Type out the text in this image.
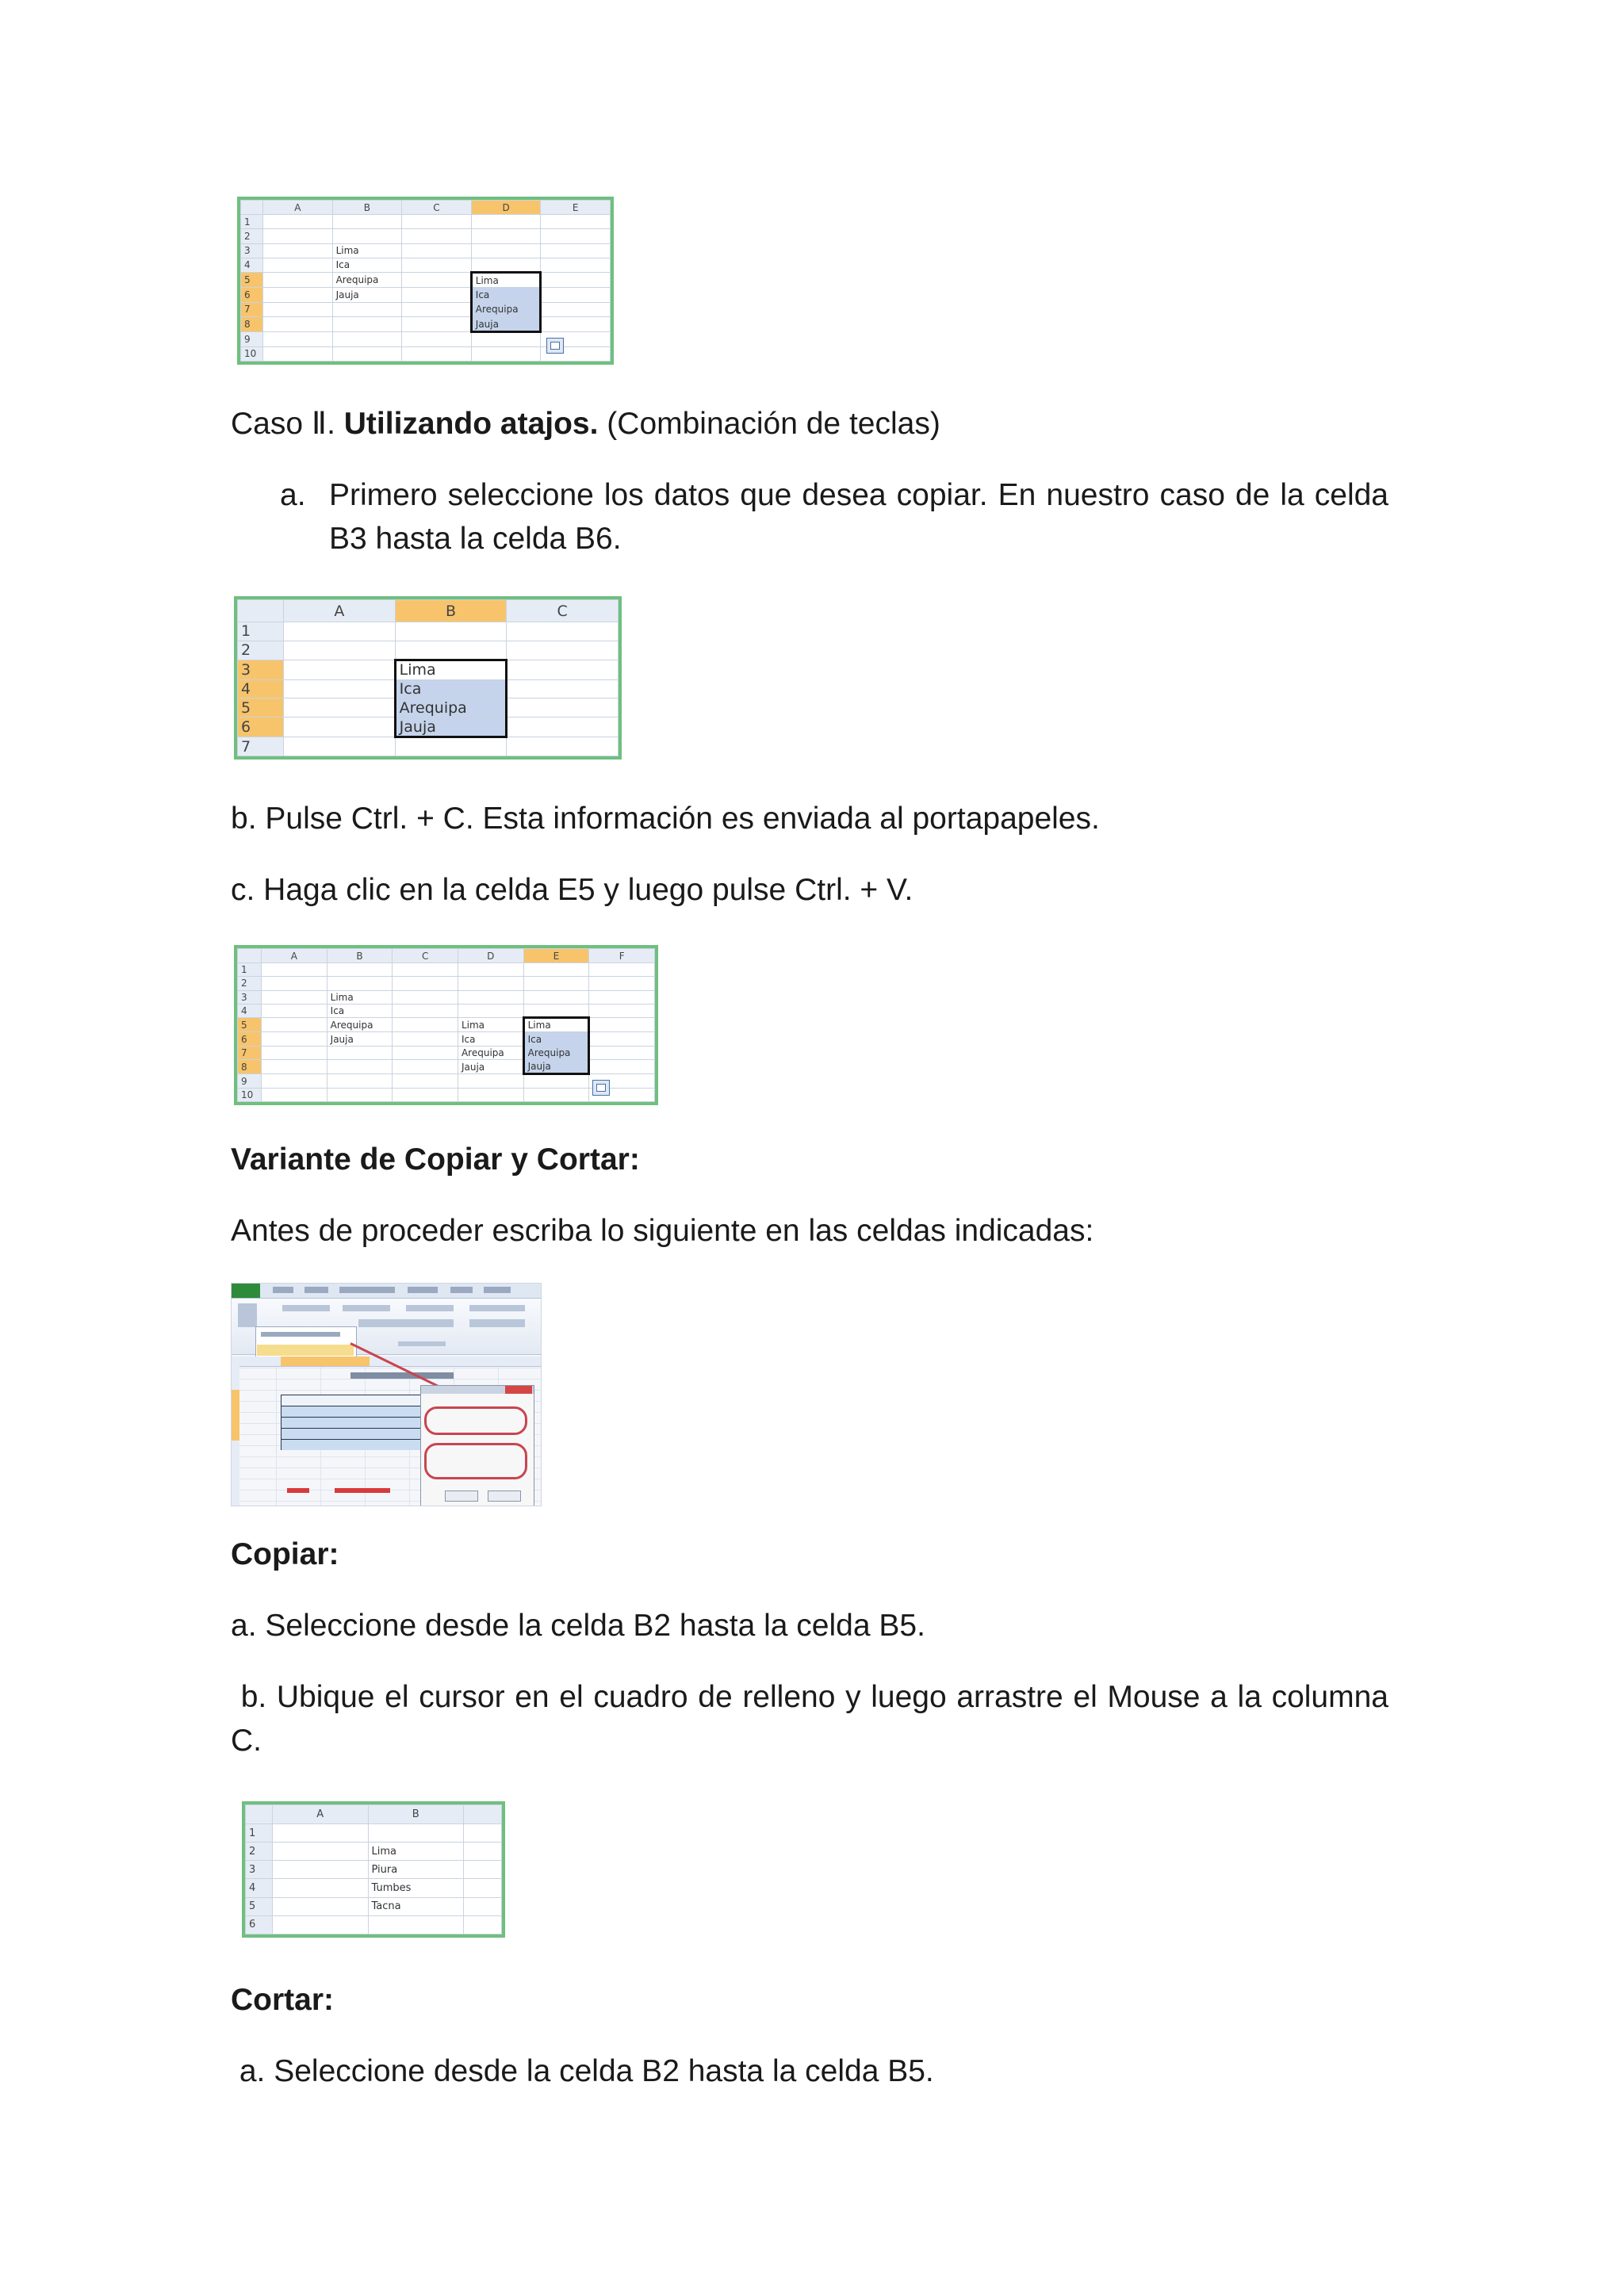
	A	B	C	D	E
1					
2					
3		Lima			
4		Ica			
5		Arequipa		Lima	
6		Jauja		Ica	
7				Arequipa	
8				Jauja	
9					
10					

Caso Ⅱ. Utilizando atajos. (Combinación de teclas)

a. Primero seleccione los datos que desea copiar. En nuestro caso de la celda B3 hasta la celda B6.

	A	B	C
1			
2			
3		Lima	
4		Ica	
5		Arequipa	
6		Jauja	
7			

b. Pulse Ctrl. + C. Esta información es enviada al portapapeles.

c. Haga clic en la celda E5 y luego pulse Ctrl. + V.

	A	B	C	D	E	F
1						
2						
3		Lima				
4		Ica				
5		Arequipa		Lima	Lima	
6		Jauja		Ica	Ica	
7				Arequipa	Arequipa	
8				Jauja	Jauja	
9						
10						

Variante de Copiar y Cortar:

Antes de proceder escriba lo siguiente en las celdas indicadas:

Copiar:

a. Seleccione desde la celda B2 hasta la celda B5.

b. Ubique el cursor en el cuadro de relleno y luego arrastre el Mouse a la columna C.

	A	B	
1			
2		Lima	
3		Piura	
4		Tumbes	
5		Tacna	
6			

Cortar:

a. Seleccione desde la celda B2 hasta la celda B5.
